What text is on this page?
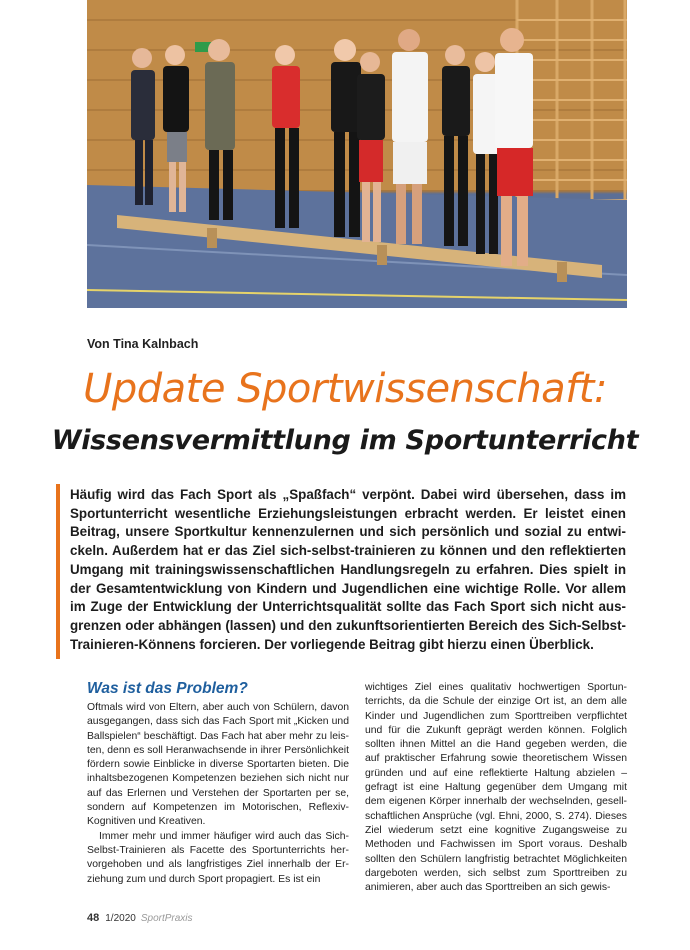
Von Tina Kalnbach
Update Sportwissenschaft:
Wissensvermittlung im Sportunterricht

Häufig wird das Fach Sport als „Spaßfach“ verpönt. Dabei wird übersehen, dass im Sportunterricht wesentliche Erziehungsleistungen erbracht werden. Er leistet einen Beitrag, unsere Sportkultur kennenzulernen und sich persönlich und sozial zu entwickeln. Außerdem hat er das Ziel sich-selbst-trainieren zu können und den reflektierten Umgang mit trainingswissenschaftlichen Handlungsregeln zu erfahren. Dies spielt in der Gesamtentwicklung von Kindern und Jugendlichen eine wichtige Rolle. Vor allem im Zuge der Entwicklung der Unterrichtsqualität sollte das Fach Sport sich nicht ausgrenzen oder abhängen (lassen) und den zukunftsorientierten Bereich des Sich-Selbst-Trainieren-Könnens forcieren. Der vorliegende Beitrag gibt hierzu einen Überblick.

Was ist das Problem?

Oftmals wird von Eltern, aber auch von Schülern, davon ausgegangen, dass sich das Fach Sport mit „Kicken und Ballspielen“ beschäftigt. Das Fach hat aber mehr zu leisten, denn es soll Heranwachsende in ihrer Persönlichkeit fördern sowie Einblicke in diverse Sportarten bieten. Die inhaltsbezogenen Kompetenzen beziehen sich nicht nur auf das Erlernen und Verstehen der Sportarten per se, sondern auf Kompetenzen im Motorischen, Reflexiv-Kognitiven und Kreativen.

Immer mehr und immer häufiger wird auch das Sich-Selbst-Trainieren als Facette des Sportunterrichts hervorgehoben und als langfristiges Ziel innerhalb der Erziehung zum und durch Sport propagiert. Es ist ein

wichtiges Ziel eines qualitativ hochwertigen Sportunterrichts, da die Schule der einzige Ort ist, an dem alle Kinder und Jugendlichen zum Sporttreiben verpflichtet und für die Zukunft geprägt werden können. Folglich sollten ihnen Mittel an die Hand gegeben werden, die auf praktischer Erfahrung sowie theoretischem Wissen gründen und auf eine reflektierte Haltung abzielen – gefragt ist eine Haltung gegenüber dem Umgang mit dem eigenen Körper innerhalb der wechselnden, gesellschaftlichen Ansprüche (vgl. Ehni, 2000, S. 274). Dieses Ziel wiederum setzt eine kognitive Zugangsweise zu Methoden und Fachwissen im Sport voraus. Deshalb sollten den Schülern langfristig betrachtet Möglichkeiten dargeboten werden, sich selbst zum Sporttreiben zu animieren, aber auch das Sporttreiben an sich gewis-

48 1/2020 SportPraxis
